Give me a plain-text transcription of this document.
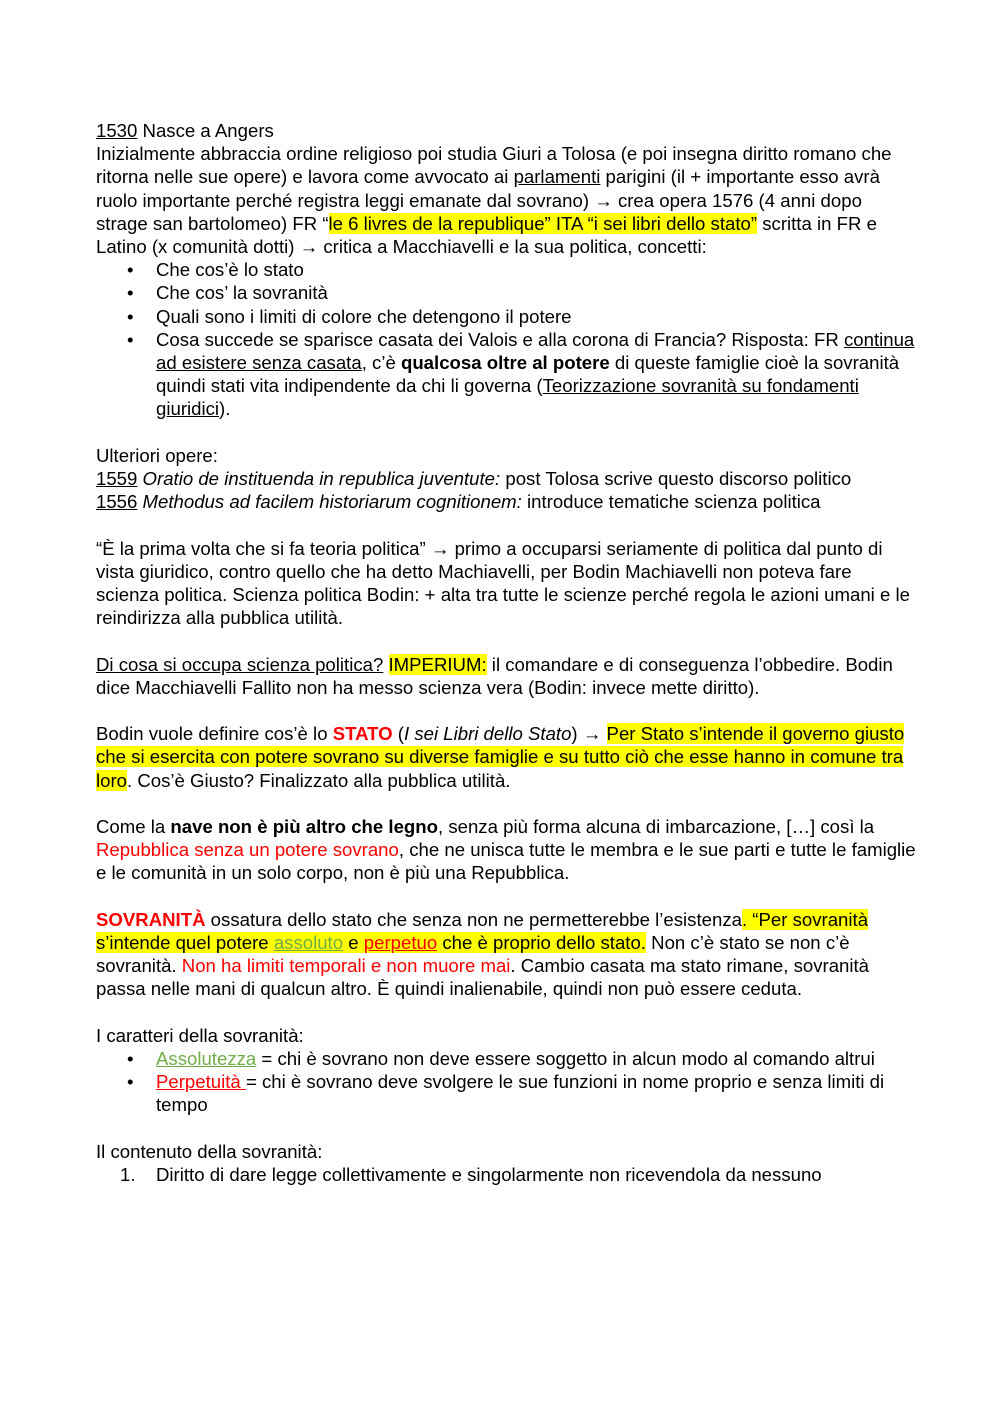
1530 Nasce a Angers
Inizialmente abbraccia ordine religioso poi studia Giuri a Tolosa (e poi insegna diritto romano che ritorna nelle sue opere) e lavora come avvocato ai parlamenti parigini (il + importante esso avrà ruolo importante perché registra leggi emanate dal sovrano) → crea opera 1576 (4 anni dopo strage san bartolomeo) FR “le 6 livres de la republique” ITA “i sei libri dello stato” scritta in FR e Latino (x comunità dotti) → critica a Macchiavelli e la sua politica, concetti:

• Che cos’è lo stato
• Che cos’ la sovranità
• Quali sono i limiti di colore che detengono il potere
• Cosa succede se sparisce casata dei Valois e alla corona di Francia? Risposta: FR continua ad esistere senza casata, c’è qualcosa oltre al potere di queste famiglie cioè la sovranità quindi stati vita indipendente da chi li governa (Teorizzazione sovranità su fondamenti giuridici).

Ulteriori opere:
1559 Oratio de instituenda in republica juventute: post Tolosa scrive questo discorso politico
1556 Methodus ad facilem historiarum cognitionem: introduce tematiche scienza politica

“È la prima volta che si fa teoria politica” → primo a occuparsi seriamente di politica dal punto di vista giuridico, contro quello che ha detto Machiavelli, per Bodin Machiavelli non poteva fare scienza politica. Scienza politica Bodin: + alta tra tutte le scienze perché regola le azioni umani e le reindirizza alla pubblica utilità.

Di cosa si occupa scienza politica? IMPERIUM: il comandare e di conseguenza l’obbedire. Bodin dice Macchiavelli Fallito non ha messo scienza vera (Bodin: invece mette diritto).

Bodin vuole definire cos’è lo STATO (I sei Libri dello Stato) → Per Stato s’intende il governo giusto che si esercita con potere sovrano su diverse famiglie e su tutto ciò che esse hanno in comune tra loro. Cos’è Giusto? Finalizzato alla pubblica utilità.

Come la nave non è più altro che legno, senza più forma alcuna di imbarcazione, […] così la Repubblica senza un potere sovrano, che ne unisca tutte le membra e le sue parti e tutte le famiglie e le comunità in un solo corpo, non è più una Repubblica.

SOVRANITÀ ossatura dello stato che senza non ne permetterebbe l’esistenza. “Per sovranità s’intende quel potere assoluto e perpetuo che è proprio dello stato. Non c’è stato se non c’è sovranità. Non ha limiti temporali e non muore mai. Cambio casata ma stato rimane, sovranità passa nelle mani di qualcun altro. È quindi inalienabile, quindi non può essere ceduta.

I caratteri della sovranità:

• Assolutezza = chi è sovrano non deve essere soggetto in alcun modo al comando altrui
• Perpetuità = chi è sovrano deve svolgere le sue funzioni in nome proprio e senza limiti di tempo

Il contenuto della sovranità:

1. Diritto di dare legge collettivamente e singolarmente non ricevendola da nessuno
